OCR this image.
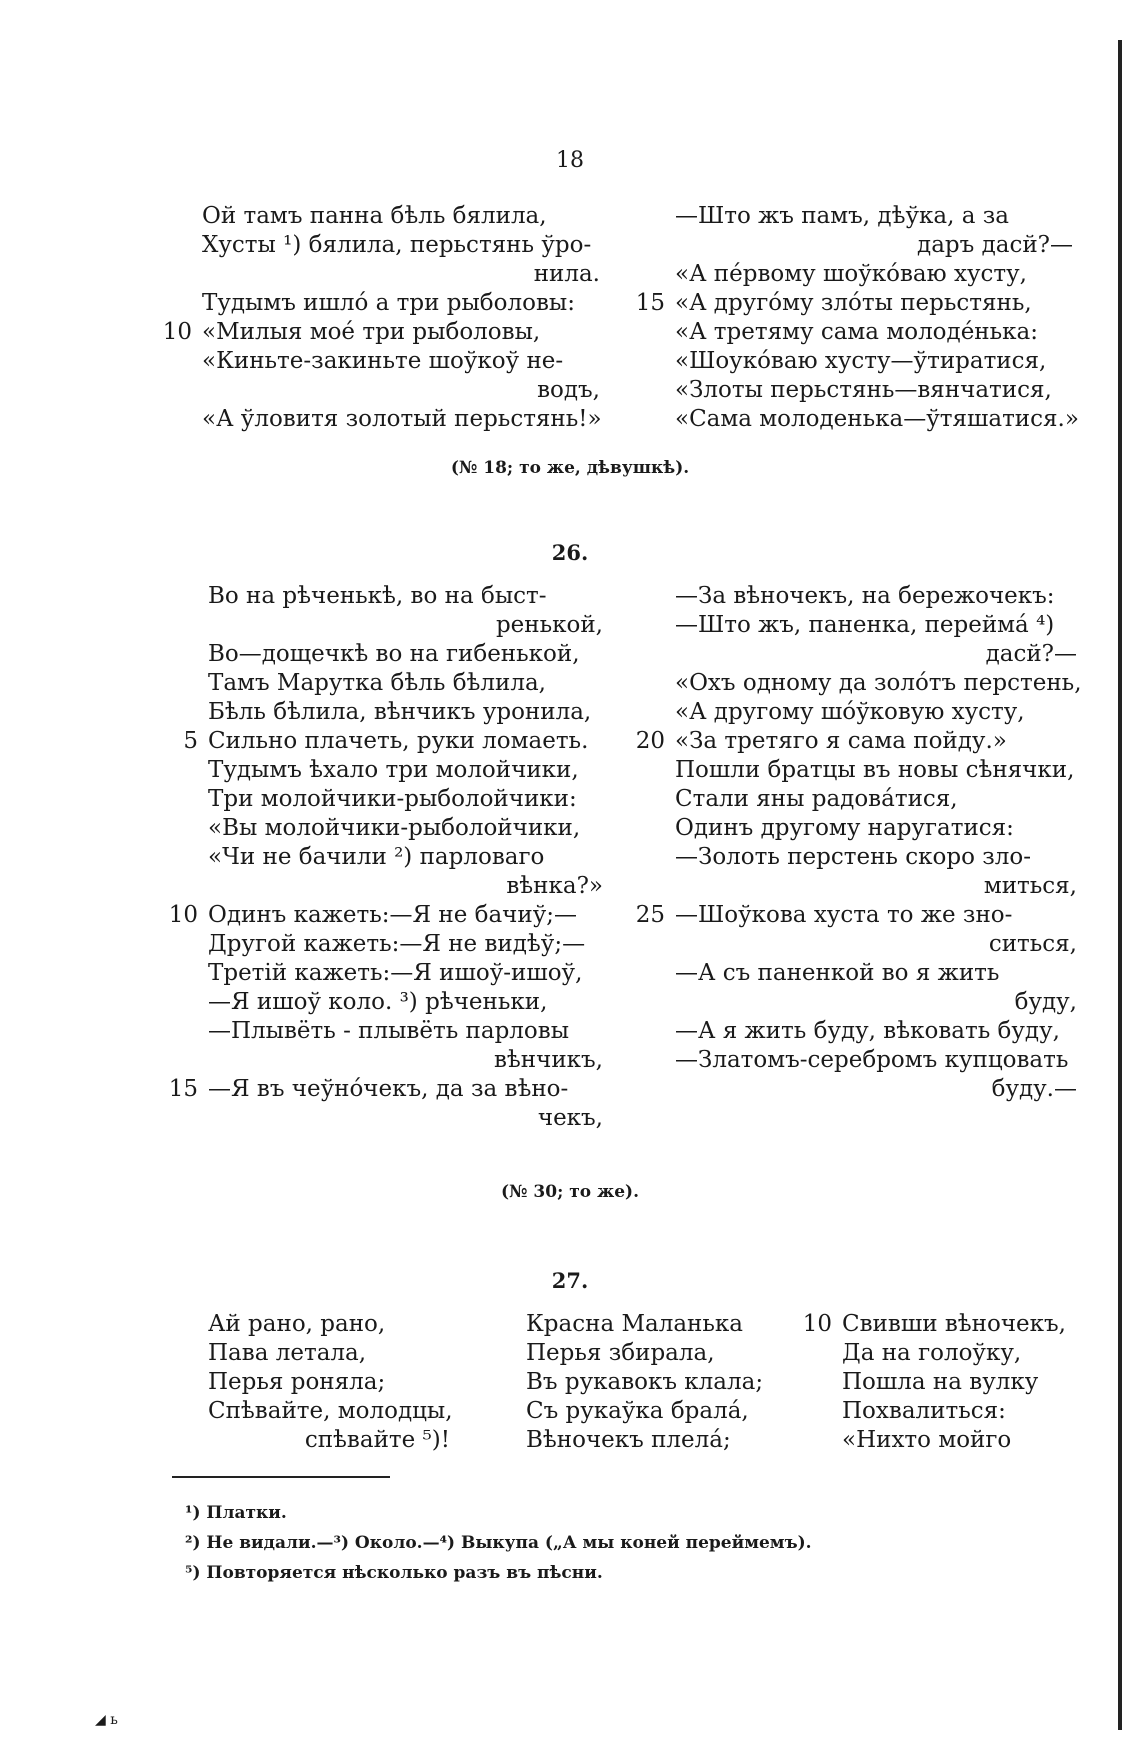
18
Ой тамъ панна бѣль бялила,
Хусты ¹) бялила, перьстянь ўро-
нила.
Тудымъ ишло́ а три рыболовы:
10 «Милыя мое́ три рыболовы,
«Киньте-закиньте шоўкоў не-
водъ,
«А ўловитя золотый перьстянь!»
—Што жъ памъ, дѣўка, а за
даръ дасй?—
«А пе́рвому шоўко́ваю хусту,
15 «А друго́му зло́ты перьстянь,
«А третяму сама молоде́нька:
«Шоуко́ваю хусту—ўтиратися,
«Злоты перьстянь—вянчатися,
«Сама молоденька—ўтяшатися.»
(№ 18; то же, дѣвушкѣ).
26.
Во на рѣченькѣ, во на быст-
ренькой,
Во—дощечкѣ во на гибенькой,
Тамъ Марутка бѣль бѣлила,
Бѣль бѣлила, вѣнчикъ уронила,
5 Сильно плачеть, руки ломаеть.
Тудымъ ѣхало три молойчики,
Три молойчики-рыболойчики:
«Вы молойчики-рыболойчики,
«Чи не бачили ²) парловаго
вѣнка?»
10 Одинъ кажеть:—Я не бачиў;—
Другой кажеть:—Я не видѣў;—
Третій кажеть:—Я ишоў-ишоў,
—Я ишоў коло. ³) рѣченьки,
—Плывёть - плывёть парловы
вѣнчикъ,
15 —Я въ чеўно́чекъ, да за вѣно-
чекъ,
—За вѣночекъ, на бережочекъ:
—Што жъ, паненка, перейма́ ⁴)
дасй?—
«Охъ одному да золо́тъ перстень,
«А другому шо́ўковую хусту,
20 «За третяго я сама пойду.»
Пошли братцы въ новы сѣнячки,
Стали яны радова́тися,
Одинъ другому наругатися:
—Золоть перстень скоро зло-
миться,
25 —Шоўкова хуста то же зно-
ситься,
—А съ паненкой во я жить
буду,
—А я жить буду, вѣковать буду,
—Златомъ-серебромъ купцовать
буду.—
(№ 30; то же).
27.
Ай рано, рано,
Пава летала,
Перья роняла;
Спѣвайте, молодцы,
спѣвайте ⁵)!
Красна Маланька
Перья збирала,
Въ рукавокъ клала;
Съ рукаўка брала́,
Вѣночекъ плела́;
10 Свивши вѣночекъ,
Да на голоўку,
Пошла на вулку
Похвалиться:
«Нихто мойго
¹) Платки.
²) Не видали.—³) Около.—⁴) Выкупа („А мы коней переймемъ).
⁵) Повторяется нѣсколько разъ въ пѣсни.
◢ ь
